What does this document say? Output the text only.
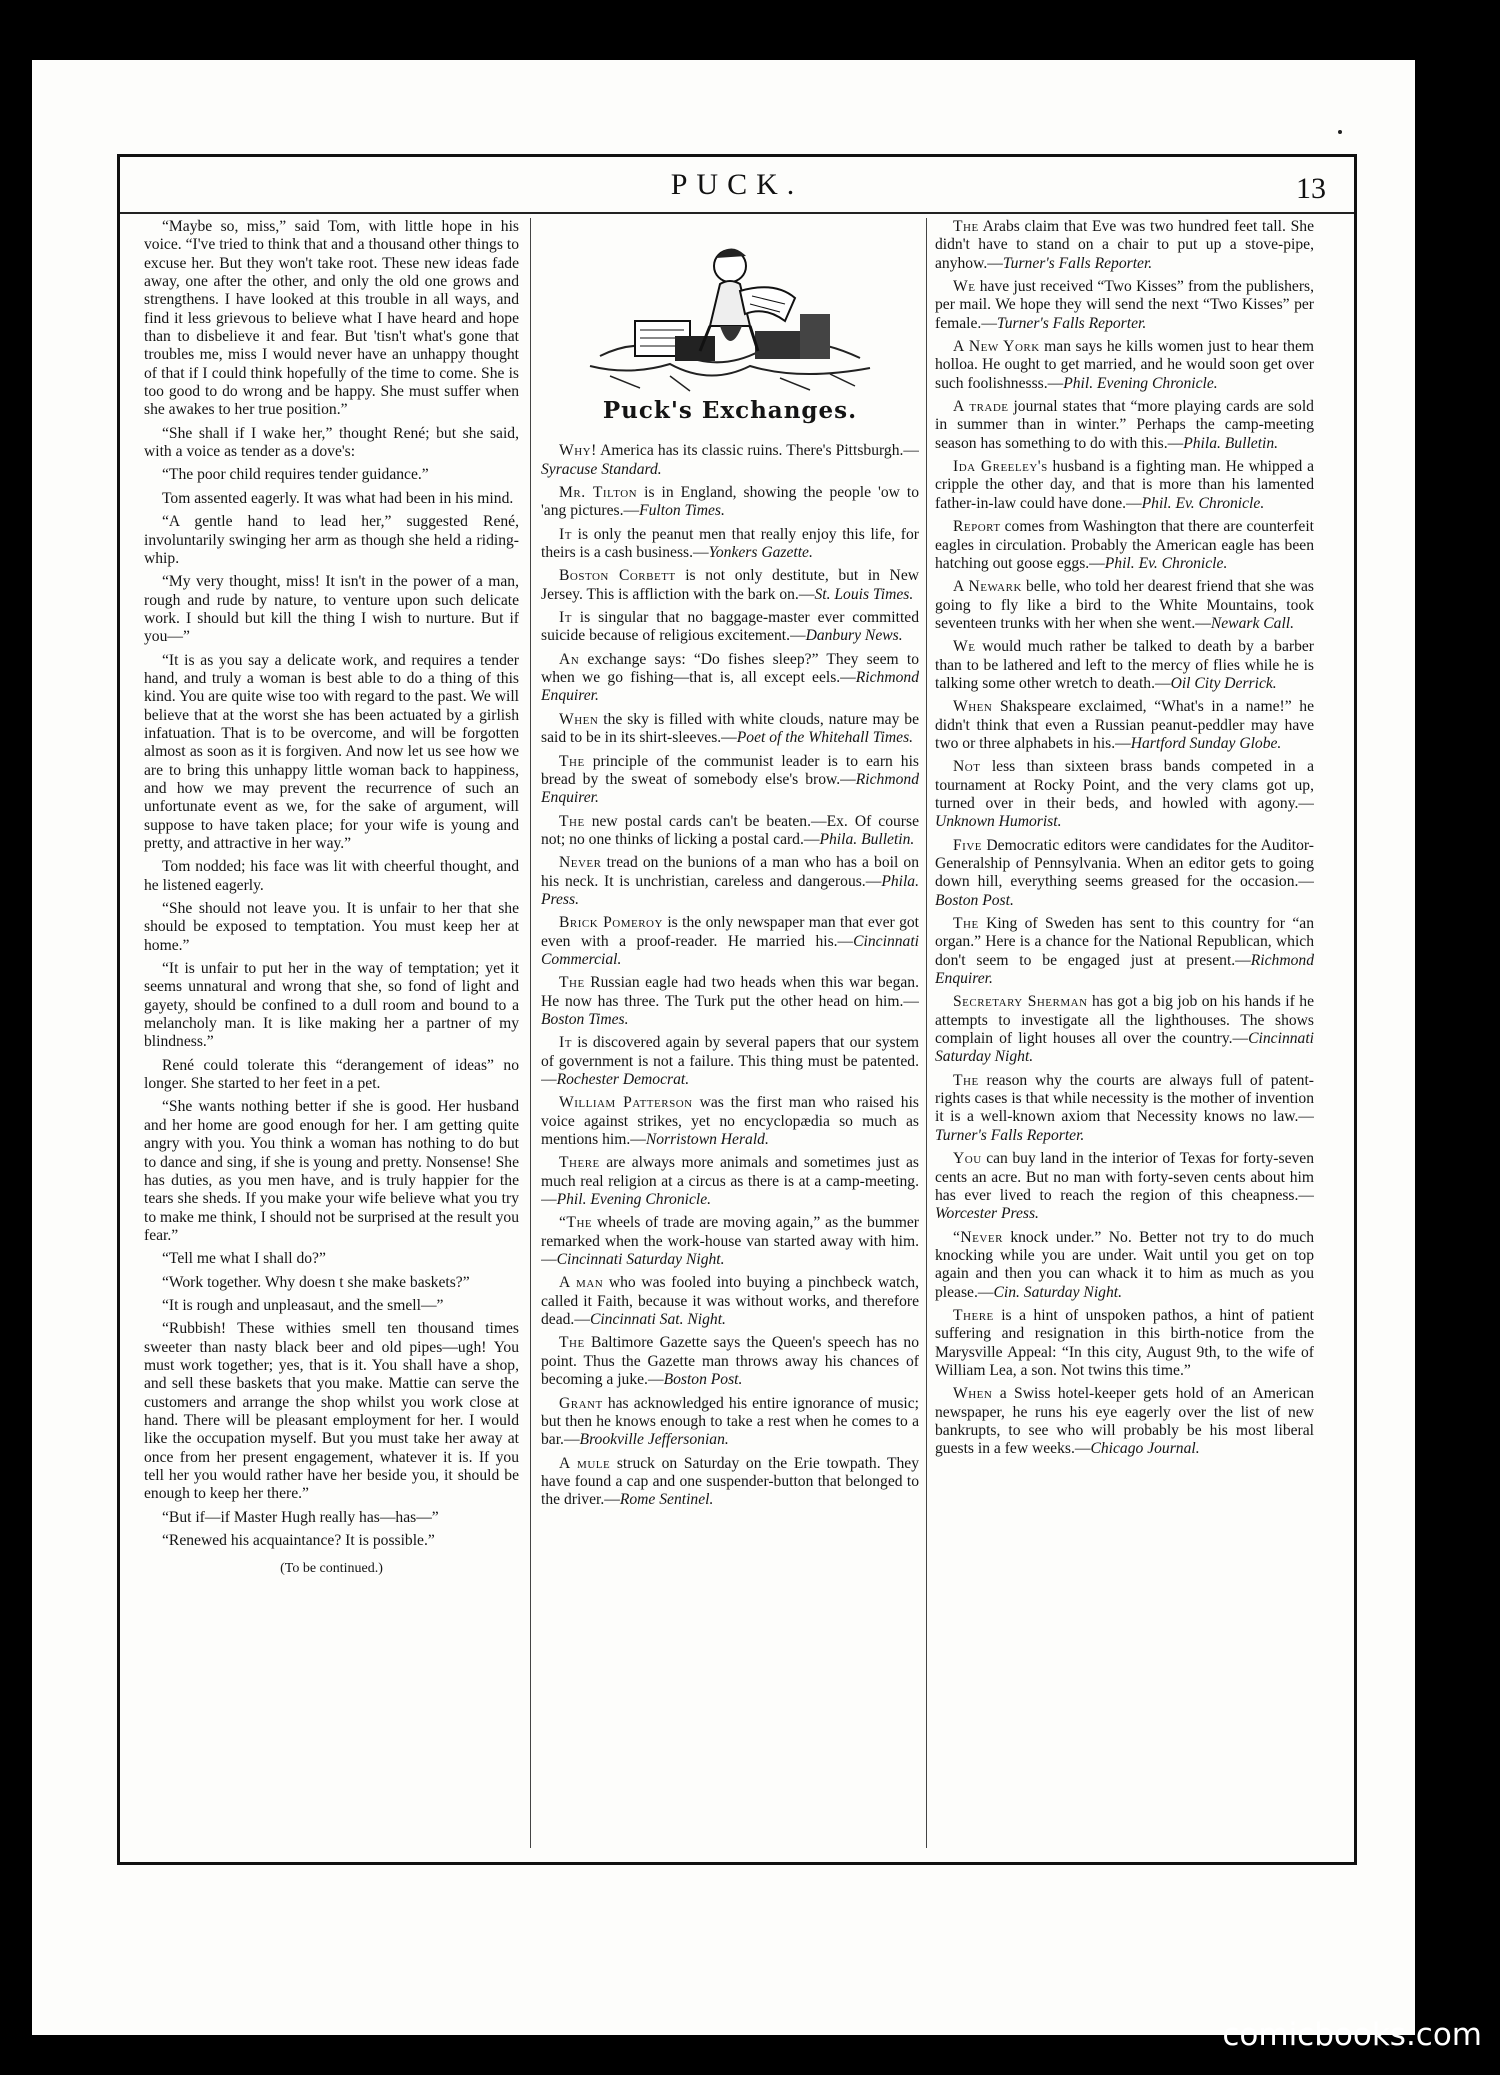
PUCK.	13

“Maybe so, miss,” said Tom, with little hope in his voice. “I've tried to think that and a thousand other things to excuse her. But they won't take root. These new ideas fade away, one after the other, and only the old one grows and strengthens. I have looked at this trouble in all ways, and find it less grievous to believe what I have heard and hope than to disbelieve it and fear. But 'tisn't what's gone that troubles me, miss I would never have an unhappy thought of that if I could think hopefully of the time to come. She is too good to do wrong and be happy. She must suffer when she awakes to her true position.”

“She shall if I wake her,” thought René; but she said, with a voice as tender as a dove's:

“The poor child requires tender guidance.”

Tom assented eagerly. It was what had been in his mind.

“A gentle hand to lead her,” suggested René, involuntarily swinging her arm as though she held a riding-whip.

“My very thought, miss! It isn't in the power of a man, rough and rude by nature, to venture upon such delicate work. I should but kill the thing I wish to nurture. But if you—”

“It is as you say a delicate work, and requires a tender hand, and truly a woman is best able to do a thing of this kind. You are quite wise too with regard to the past. We will believe that at the worst she has been actuated by a girlish infatuation. That is to be overcome, and will be forgotten almost as soon as it is forgiven. And now let us see how we are to bring this unhappy little woman back to happiness, and how we may prevent the recurrence of such an unfortunate event as we, for the sake of argument, will suppose to have taken place; for your wife is young and pretty, and attractive in her way.”

Tom nodded; his face was lit with cheerful thought, and he listened eagerly.

“She should not leave you. It is unfair to her that she should be exposed to temptation. You must keep her at home.”

“It is unfair to put her in the way of temptation; yet it seems unnatural and wrong that she, so fond of light and gayety, should be confined to a dull room and bound to a melancholy man. It is like making her a partner of my blindness.”

René could tolerate this “derangement of ideas” no longer. She started to her feet in a pet.

“She wants nothing better if she is good. Her husband and her home are good enough for her. I am getting quite angry with you. You think a woman has nothing to do but to dance and sing, if she is young and pretty. Nonsense! She has duties, as you men have, and is truly happier for the tears she sheds. If you make your wife believe what you try to make me think, I should not be surprised at the result you fear.”

“Tell me what I shall do?”

“Work together. Why doesn t she make baskets?”

“It is rough and unpleasaut, and the smell—”

“Rubbish! These withies smell ten thousand times sweeter than nasty black beer and old pipes—ugh! You must work together; yes, that is it. You shall have a shop, and sell these baskets that you make. Mattie can serve the customers and arrange the shop whilst you work close at hand. There will be pleasant employment for her. I would like the occupation myself. But you must take her away at once from her present engagement, whatever it is. If you tell her you would rather have her beside you, it should be enough to keep her there.”

“But if—if Master Hugh really has—has—”

“Renewed his acquaintance? It is possible.”

(To be continued.)
Puck's Exchanges.

Why! America has its classic ruins. There's Pittsburgh.—Syracuse Standard.

Mr. Tilton is in England, showing the people 'ow to 'ang pictures.—Fulton Times.

It is only the peanut men that really enjoy this life, for theirs is a cash business.—Yonkers Gazette.

Boston Corbett is not only destitute, but in New Jersey. This is affliction with the bark on.—St. Louis Times.

It is singular that no baggage-master ever committed suicide because of religious excitement.—Danbury News.

An exchange says: “Do fishes sleep?” They seem to when we go fishing—that is, all except eels.—Richmond Enquirer.

When the sky is filled with white clouds, nature may be said to be in its shirt-sleeves.—Poet of the Whitehall Times.

The principle of the communist leader is to earn his bread by the sweat of somebody else's brow.—Richmond Enquirer.

The new postal cards can't be beaten.—Ex. Of course not; no one thinks of licking a postal card.—Phila. Bulletin.

Never tread on the bunions of a man who has a boil on his neck. It is unchristian, careless and dangerous.—Phila. Press.

Brick Pomeroy is the only newspaper man that ever got even with a proof-reader. He married his.—Cincinnati Commercial.

The Russian eagle had two heads when this war began. He now has three. The Turk put the other head on him.—Boston Times.

It is discovered again by several papers that our system of government is not a failure. This thing must be patented.—Rochester Democrat.

William Patterson was the first man who raised his voice against strikes, yet no encyclopædia so much as mentions him.—Norristown Herald.

There are always more animals and sometimes just as much real religion at a circus as there is at a camp-meeting.—Phil. Evening Chronicle.

“The wheels of trade are moving again,” as the bummer remarked when the work-house van started away with him.—Cincinnati Saturday Night.

A man who was fooled into buying a pinchbeck watch, called it Faith, because it was without works, and therefore dead.—Cincinnati Sat. Night.

The Baltimore Gazette says the Queen's speech has no point. Thus the Gazette man throws away his chances of becoming a juke.—Boston Post.

Grant has acknowledged his entire ignorance of music; but then he knows enough to take a rest when he comes to a bar.—Brookville Jeffersonian.

A mule struck on Saturday on the Erie towpath. They have found a cap and one suspender-button that belonged to the driver.—Rome Sentinel.

The Arabs claim that Eve was two hundred feet tall. She didn't have to stand on a chair to put up a stove-pipe, anyhow.—Turner's Falls Reporter.

We have just received “Two Kisses” from the publishers, per mail. We hope they will send the next “Two Kisses” per female.—Turner's Falls Reporter.

A New York man says he kills women just to hear them holloa. He ought to get married, and he would soon get over such foolishnesss.—Phil. Evening Chronicle.

A trade journal states that “more playing cards are sold in summer than in winter.” Perhaps the camp-meeting season has something to do with this.—Phila. Bulletin.

Ida Greeley's husband is a fighting man. He whipped a cripple the other day, and that is more than his lamented father-in-law could have done.—Phil. Ev. Chronicle.

Report comes from Washington that there are counterfeit eagles in circulation. Probably the American eagle has been hatching out goose eggs.—Phil. Ev. Chronicle.

A Newark belle, who told her dearest friend that she was going to fly like a bird to the White Mountains, took seventeen trunks with her when she went.—Newark Call.

We would much rather be talked to death by a barber than to be lathered and left to the mercy of flies while he is talking some other wretch to death.—Oil City Derrick.

When Shakspeare exclaimed, “What's in a name!” he didn't think that even a Russian peanut-peddler may have two or three alphabets in his.—Hartford Sunday Globe.

Not less than sixteen brass bands competed in a tournament at Rocky Point, and the very clams got up, turned over in their beds, and howled with agony.—Unknown Humorist.

Five Democratic editors were candidates for the Auditor-Generalship of Pennsylvania. When an editor gets to going down hill, everything seems greased for the occasion.—Boston Post.

The King of Sweden has sent to this country for “an organ.” Here is a chance for the National Republican, which don't seem to be engaged just at present.—Richmond Enquirer.

Secretary Sherman has got a big job on his hands if he attempts to investigate all the lighthouses. The shows complain of light houses all over the country.—Cincinnati Saturday Night.

The reason why the courts are always full of patent-rights cases is that while necessity is the mother of invention it is a well-known axiom that Necessity knows no law.—Turner's Falls Reporter.

You can buy land in the interior of Texas for forty-seven cents an acre. But no man with forty-seven cents about him has ever lived to reach the region of this cheapness.—Worcester Press.

“Never knock under.” No. Better not try to do much knocking while you are under. Wait until you get on top again and then you can whack it to him as much as you please.—Cin. Saturday Night.

There is a hint of unspoken pathos, a hint of patient suffering and resignation in this birth-notice from the Marysville Appeal: “In this city, August 9th, to the wife of William Lea, a son. Not twins this time.”

When a Swiss hotel-keeper gets hold of an American newspaper, he runs his eye eagerly over the list of new bankrupts, to see who will probably be his most liberal guests in a few weeks.—Chicago Journal.

comicbooks.com
